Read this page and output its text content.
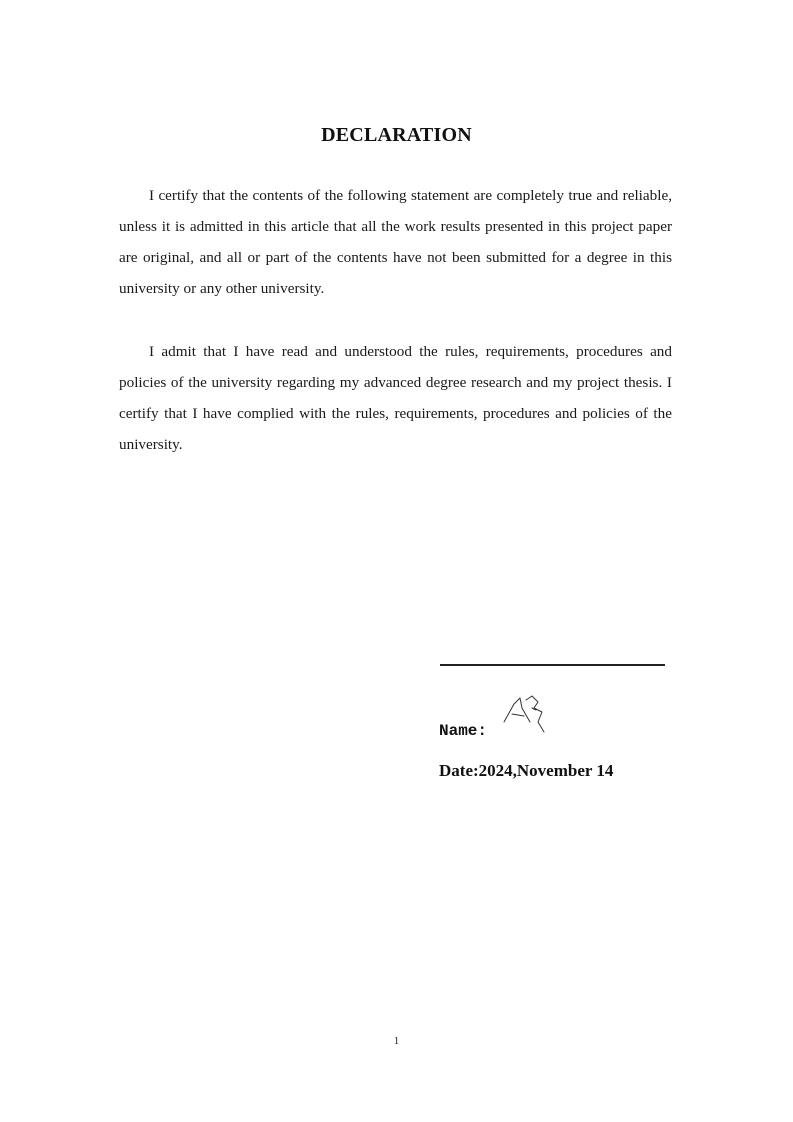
DECLARATION

I certify that the contents of the following statement are completely true and reliable, unless it is admitted in this article that all the work results presented in this project paper are original, and all or part of the contents have not been submitted for a degree in this university or any other university.

I admit that I have read and understood the rules, requirements, procedures and policies of the university regarding my advanced degree research and my project thesis. I certify that I have complied with the rules, requirements, procedures and policies of the university.

Name:
Date:2024,November 14
1
